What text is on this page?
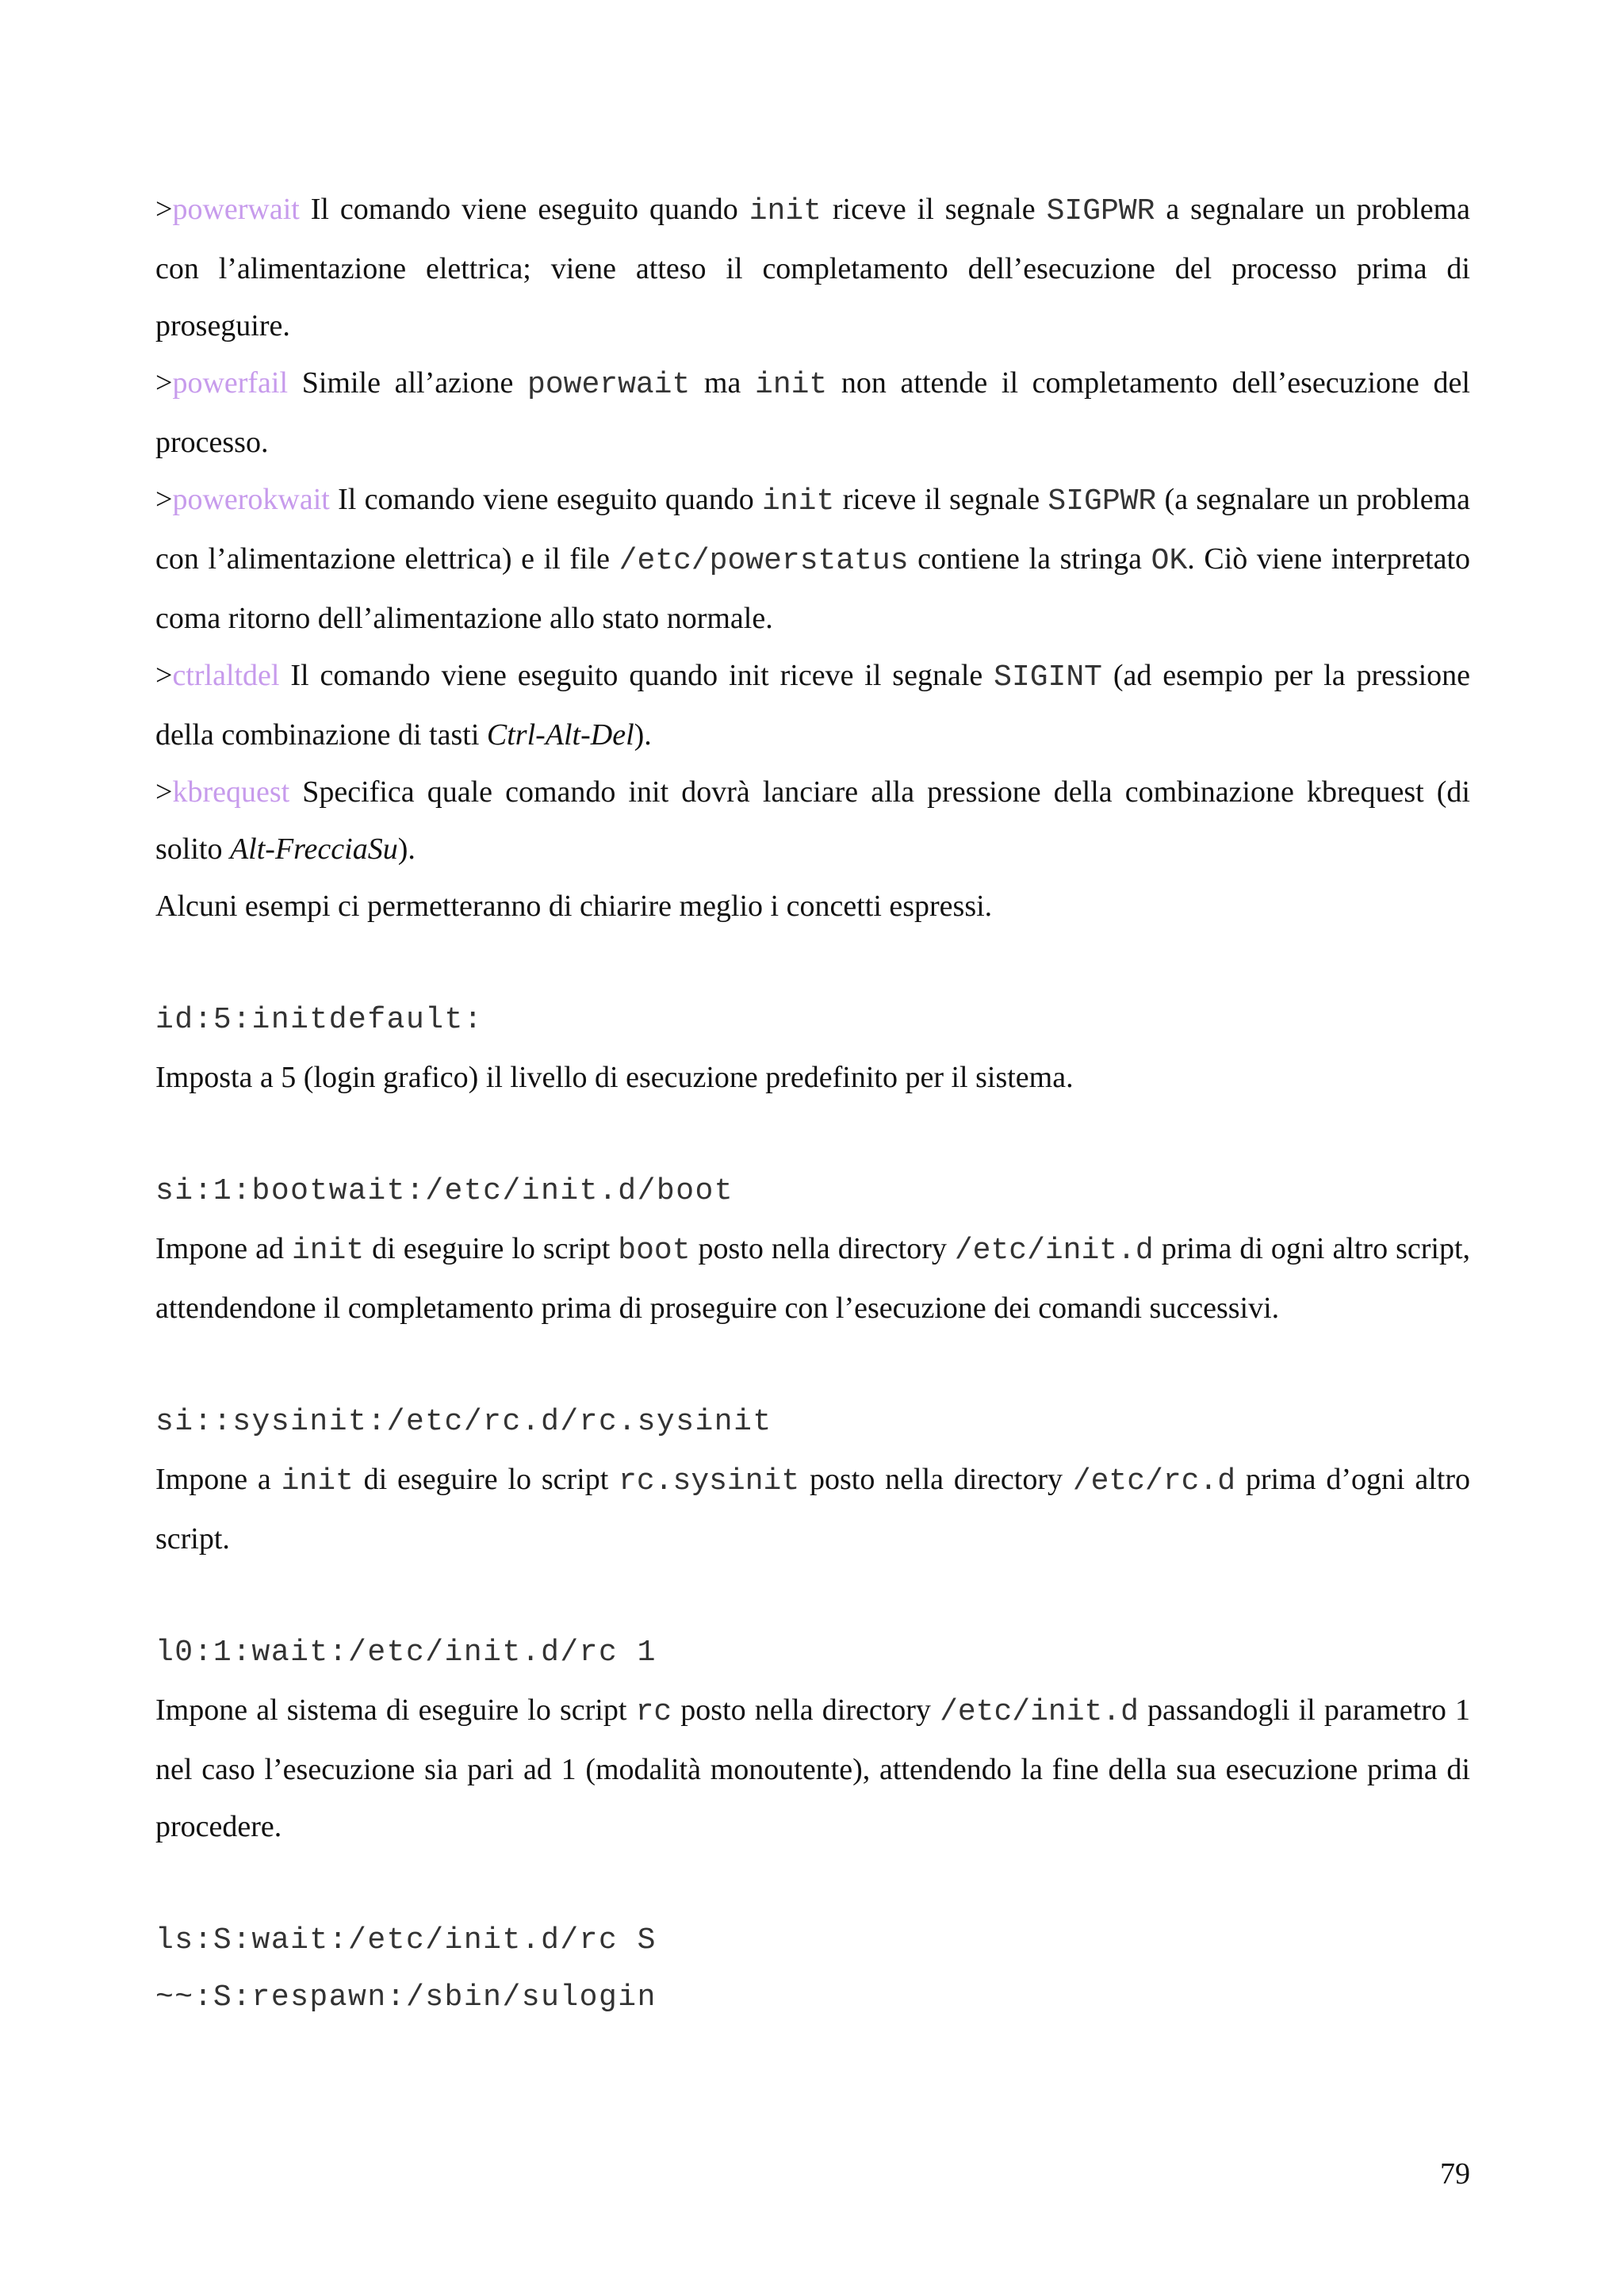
>powerwait Il comando viene eseguito quando init riceve il segnale SIGPWR a segnalare un problema con l’alimentazione elettrica; viene atteso il completamento dell’esecuzione del processo prima di proseguire.

>powerfail Simile all’azione powerwait ma init non attende il completamento dell’esecuzione del processo.

>powerokwait Il comando viene eseguito quando init riceve il segnale SIGPWR (a segnalare un problema con l’alimentazione elettrica) e il file /etc/powerstatus contiene la stringa OK. Ciò viene interpretato coma ritorno dell’alimentazione allo stato normale.

>ctrlaltdel Il comando viene eseguito quando init riceve il segnale SIGINT (ad esempio per la pressione della combinazione di tasti Ctrl-Alt-Del).

>kbrequest Specifica quale comando init dovrà lanciare alla pressione della combinazione kbrequest (di solito Alt-FrecciaSu).

Alcuni esempi ci permetteranno di chiarire meglio i concetti espressi.

id:5:initdefault:

Imposta a 5 (login grafico) il livello di esecuzione predefinito per il sistema.

si:1:bootwait:/etc/init.d/boot

Impone ad init di eseguire lo script boot posto nella directory /etc/init.d prima di ogni altro script, attendendone il completamento prima di proseguire con l’esecuzione dei comandi successivi.

si::sysinit:/etc/rc.d/rc.sysinit

Impone a init di eseguire lo script rc.sysinit posto nella directory /etc/rc.d prima d’ogni altro script.

l0:1:wait:/etc/init.d/rc 1

Impone al sistema di eseguire lo script rc posto nella directory /etc/init.d passandogli il parametro 1 nel caso l’esecuzione sia pari ad 1 (modalità monoutente), attendendo la fine della sua esecuzione prima di procedere.

ls:S:wait:/etc/init.d/rc S

~~:S:respawn:/sbin/sulogin

79
